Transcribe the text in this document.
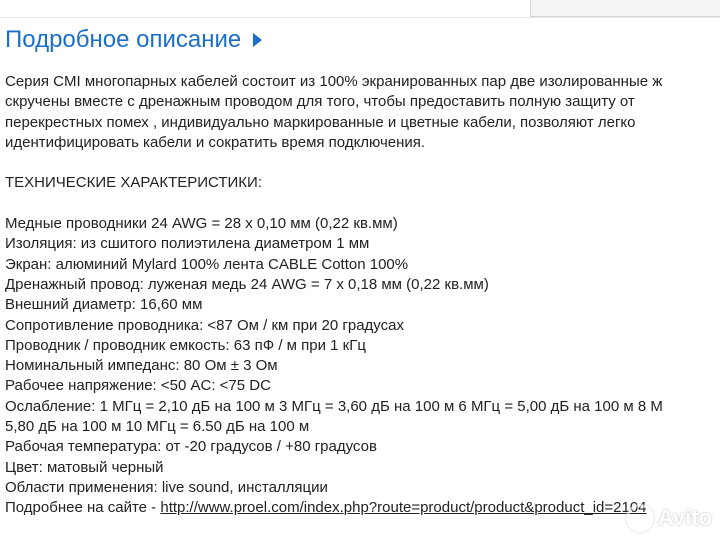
Подробное описание
Серия CMI многопарных кабелей состоит из 100% экранированных пар две изолированные ж
скручены вместе с дренажным проводом для того, чтобы предоставить полную защиту от
перекрестных помех , индивидуально маркированные и цветные кабели, позволяют легко
идентифицировать кабели и сократить время подключения.
ТЕХНИЧЕСКИЕ ХАРАКТЕРИСТИКИ:
Медные проводники 24 AWG = 28 x 0,10 мм (0,22 кв.мм)
Изоляция: из сшитого полиэтилена диаметром 1 мм
Экран: алюминий Mylard 100% лента CABLE Cotton 100%
Дренажный провод: луженая медь 24 AWG = 7 x 0,18 мм (0,22 кв.мм)
Внешний диаметр: 16,60 мм
Сопротивление проводника: <87 Ом / км при 20 градусах
Проводник / проводник емкость: 63 пФ / м при 1 кГц
Номинальный импеданс: 80 Ом ± 3 Ом
Рабочее напряжение: <50 AC: <75 DC
Ослабление: 1 МГц = 2,10 дБ на 100 м 3 МГц = 3,60 дБ на 100 м 6 МГц = 5,00 дБ на 100 м 8 М
5,80 дБ на 100 м 10 МГц = 6.50 дБ на 100 м
Рабочая температура: от -20 градусов / +80 градусов
Цвет: матовый черный
Области применения: live sound, инсталляции
Подробнее на сайте - http://www.proel.com/index.php?route=product/product&product_id=2104 Avito
